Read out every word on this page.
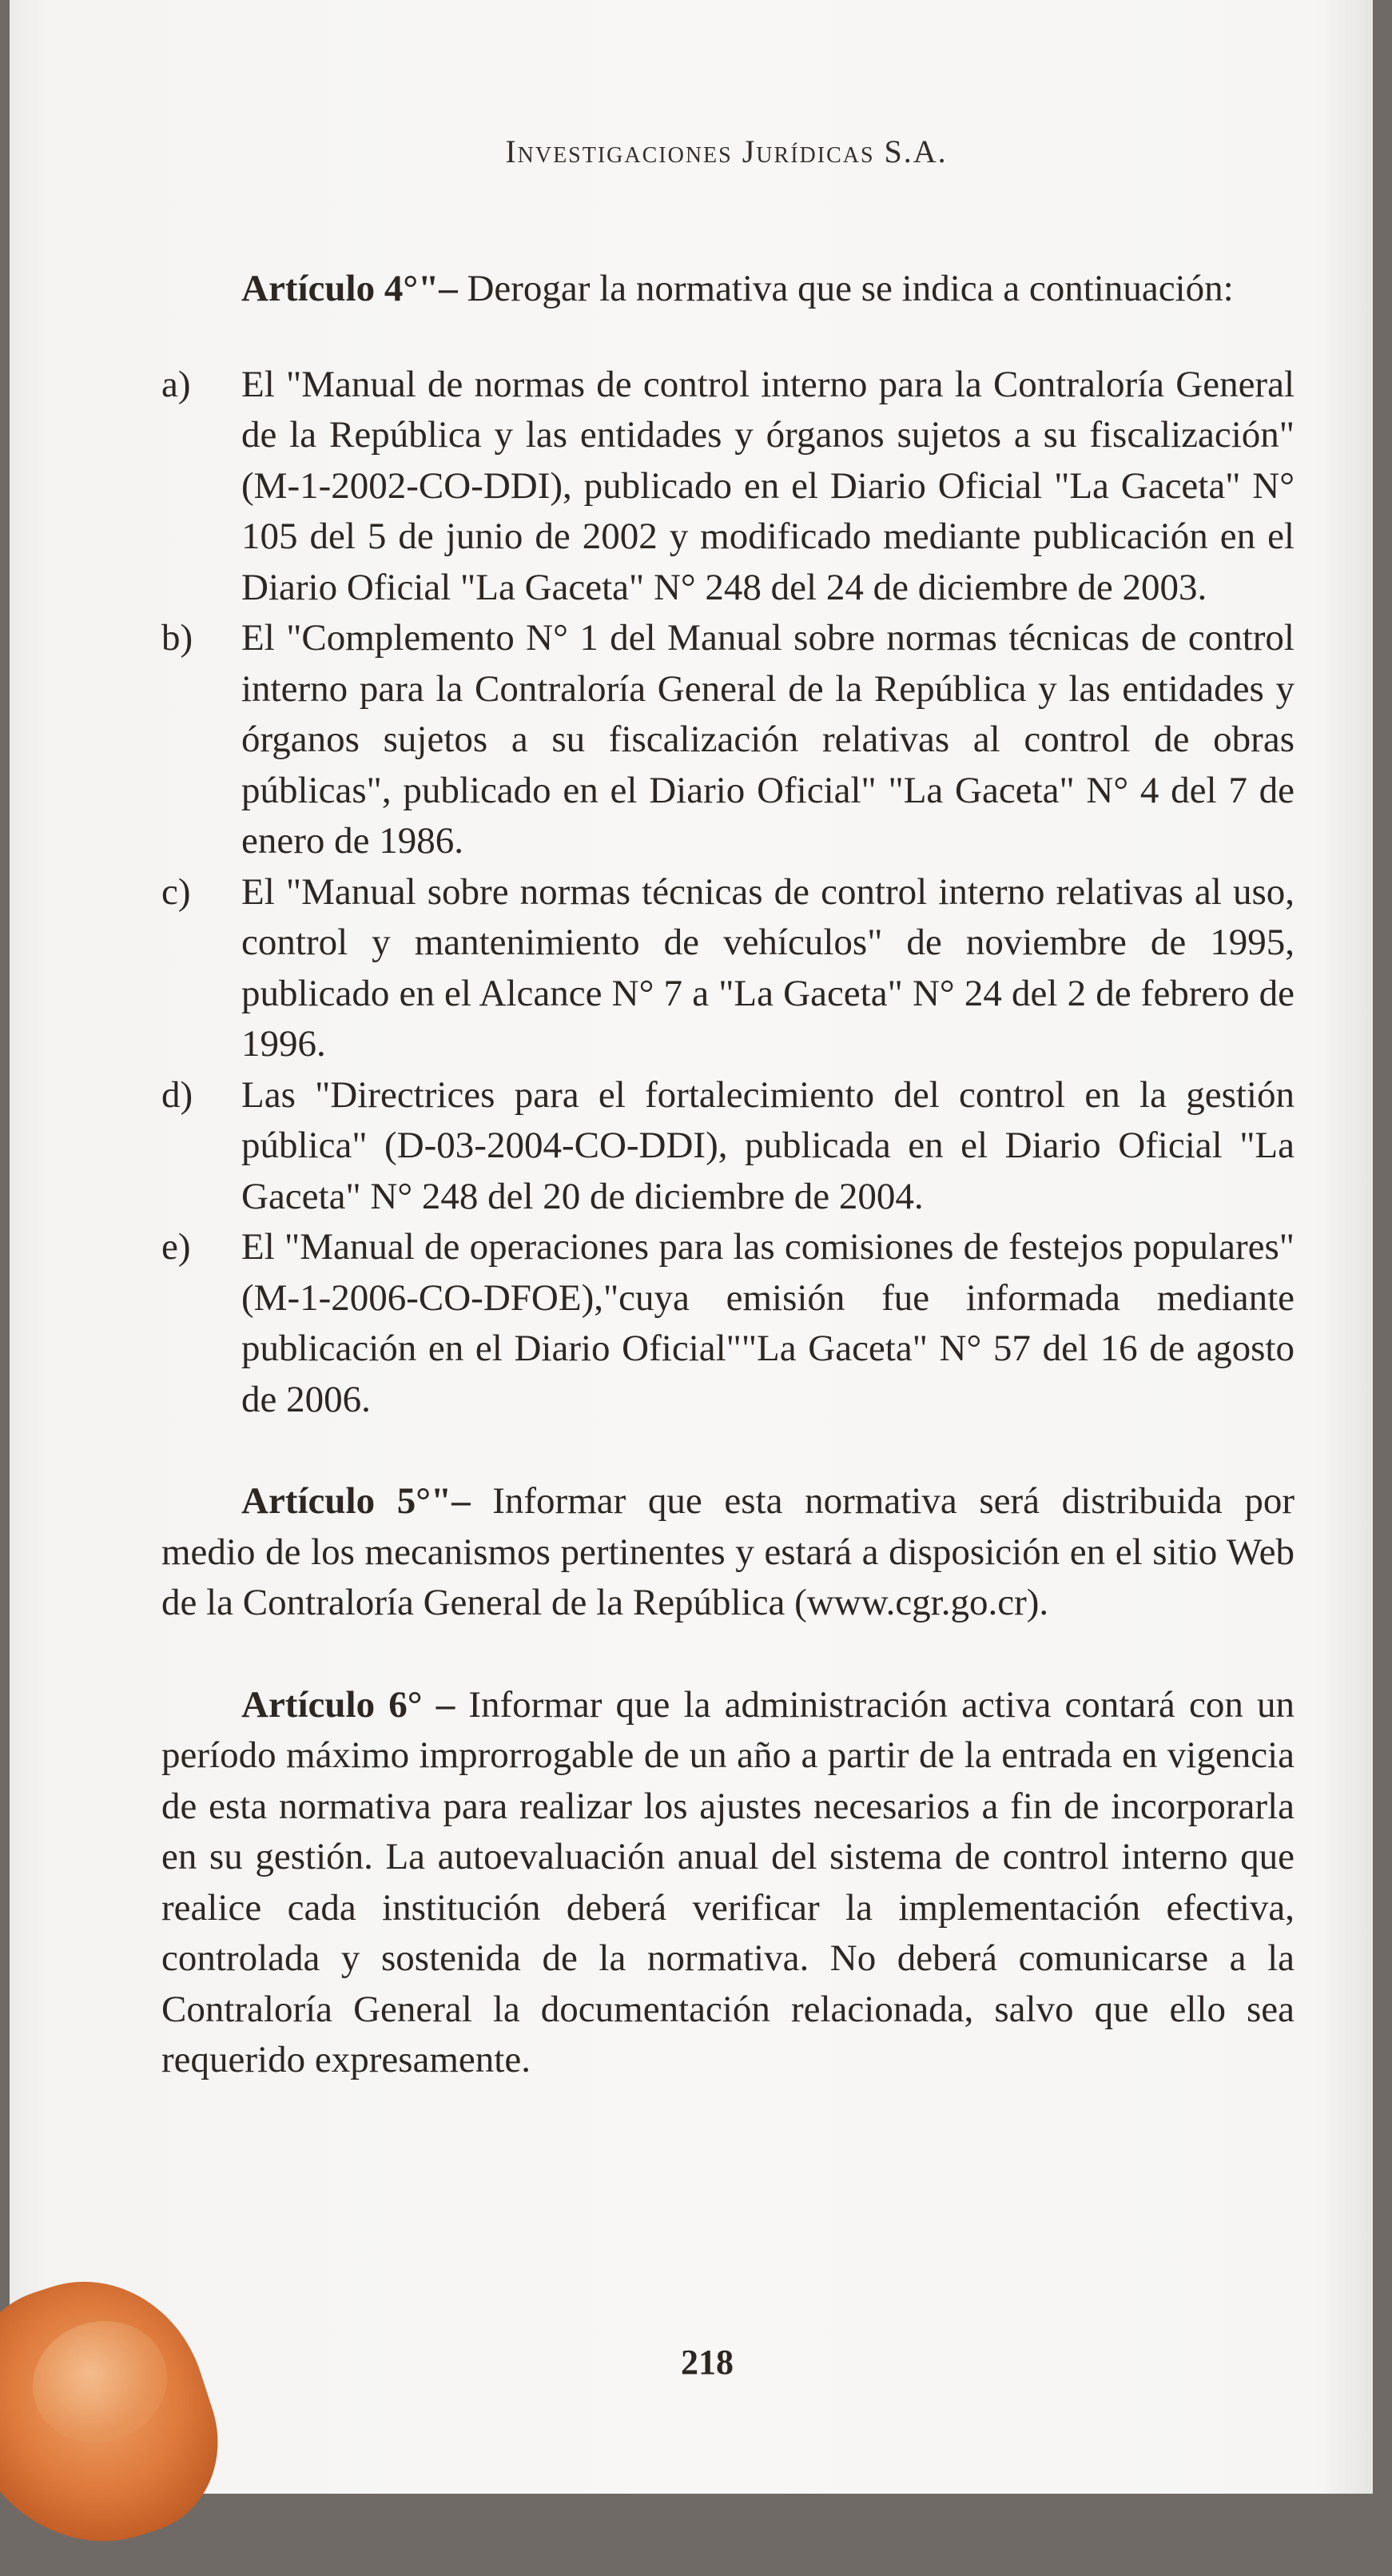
Investigaciones Jurídicas S.A.

Artículo 4°"– Derogar la normativa que se indica a continuación:

a) El "Manual de normas de control interno para la Contraloría General de la República y las entidades y órganos sujetos a su fiscalización" (M-1-2002-CO-DDI), publicado en el Diario Oficial "La Gaceta" N° 105 del 5 de junio de 2002 y modificado mediante publicación en el Diario Oficial "La Gaceta" N° 248 del 24 de diciembre de 2003.
b) El "Complemento N° 1 del Manual sobre normas técnicas de control interno para la Contraloría General de la República y las entidades y órganos sujetos a su fiscalización relativas al control de obras públicas", publicado en el Diario Oficial" "La Gaceta" N° 4 del 7 de enero de 1986.
c) El "Manual sobre normas técnicas de control interno relativas al uso, control y mantenimiento de vehículos" de noviembre de 1995, publicado en el Alcance N° 7 a "La Gaceta" N° 24 del 2 de febrero de 1996.
d) Las "Directrices para el fortalecimiento del control en la gestión pública" (D-03-2004-CO-DDI), publicada en el Diario Oficial "La Gaceta" N° 248 del 20 de diciembre de 2004.
e) El "Manual de operaciones para las comisiones de festejos populares" (M-1-2006-CO-DFOE),"cuya emisión fue informada mediante publicación en el Diario Oficial""La Gaceta" N° 57 del 16 de agosto de 2006.

Artículo 5°"– Informar que esta normativa será distribuida por medio de los mecanismos pertinentes y estará a disposición en el sitio Web de la Contraloría General de la República (www.cgr.go.cr).

Artículo 6° – Informar que la administración activa contará con un período máximo improrrogable de un año a partir de la entrada en vigencia de esta normativa para realizar los ajustes necesarios a fin de incorporarla en su gestión. La autoevaluación anual del sistema de control interno que realice cada institución deberá verificar la implementación efectiva, controlada y sostenida de la normativa. No deberá comunicarse a la Contraloría General la documentación relacionada, salvo que ello sea requerido expresamente.

218
